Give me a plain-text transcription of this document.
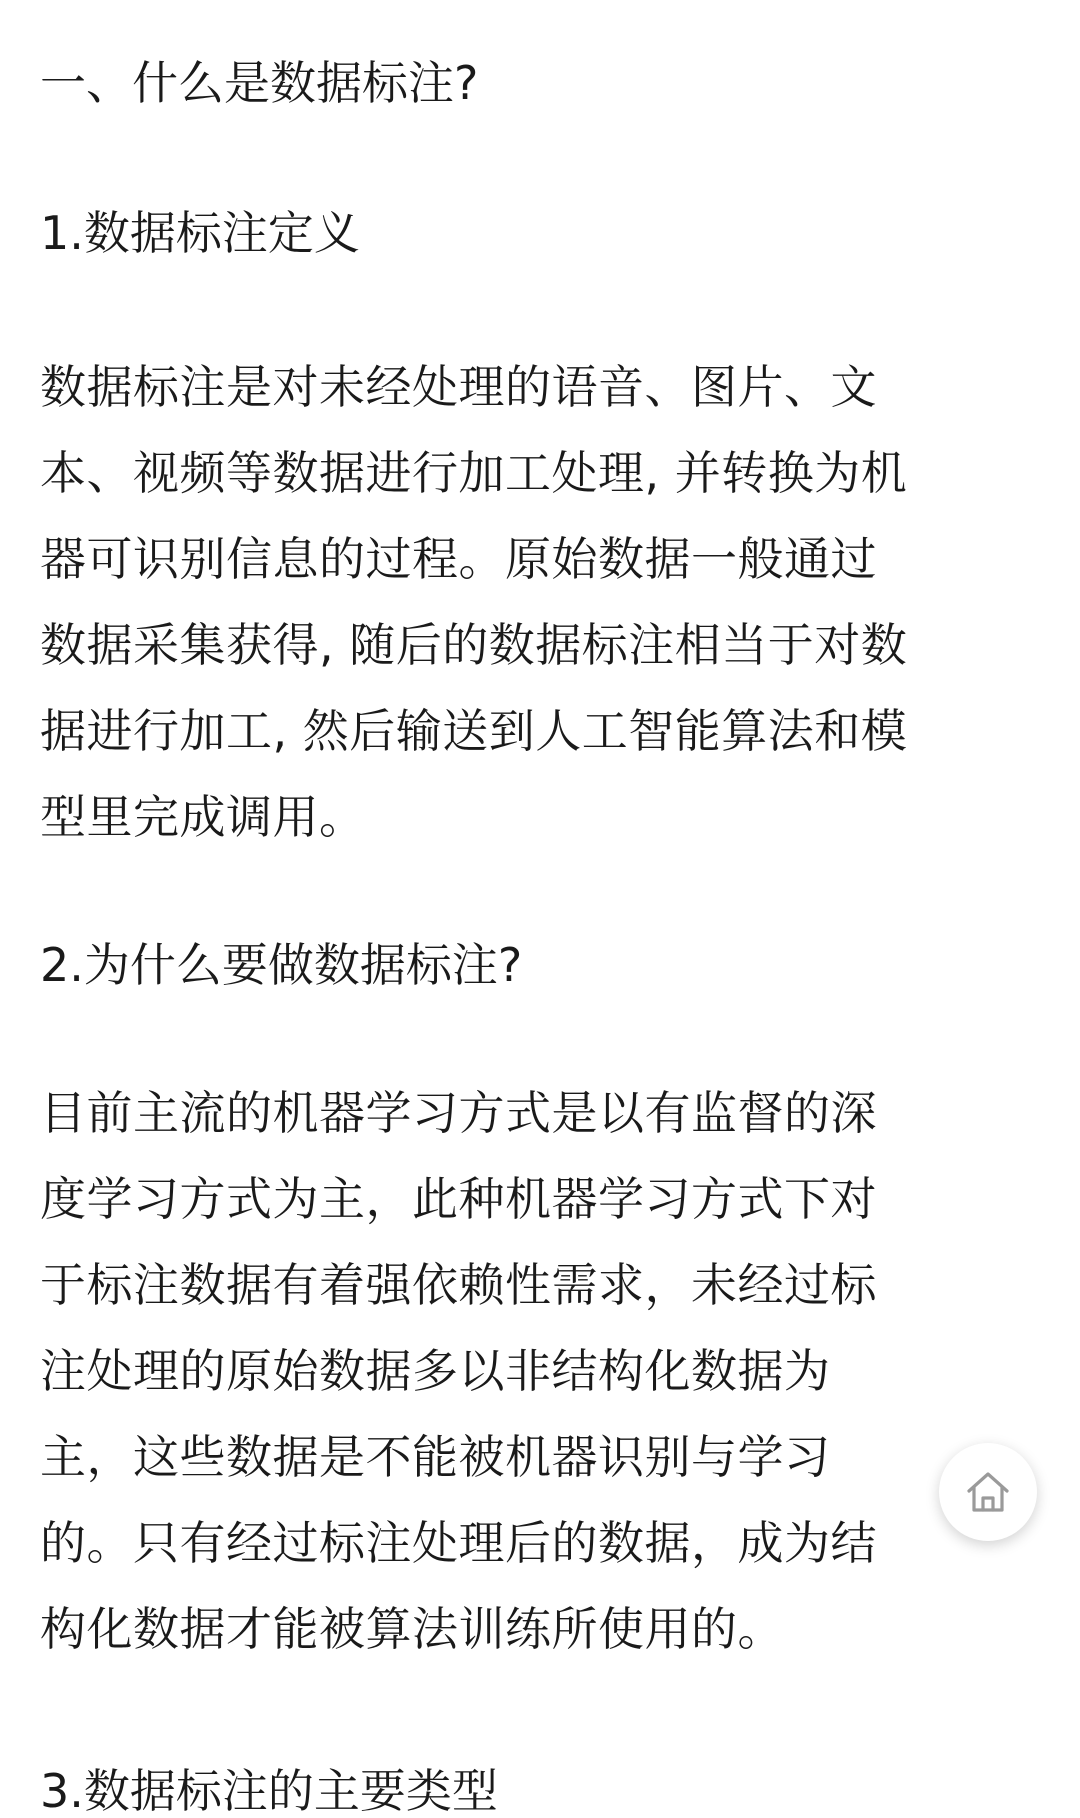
一、什么是数据标注?
1.数据标注定义

数据标注是对未经处理的语音、图片、文
本、视频等数据进行加工处理, 并转换为机
器可识别信息的过程。原始数据一般通过
数据采集获得, 随后的数据标注相当于对数
据进行加工, 然后输送到人工智能算法和模
型里完成调用。

2.为什么要做数据标注?

目前主流的机器学习方式是以有监督的深
度学习方式为主，此种机器学习方式下对
于标注数据有着强依赖性需求，未经过标
注处理的原始数据多以非结构化数据为
主，这些数据是不能被机器识别与学习
的。只有经过标注处理后的数据，成为结
构化数据才能被算法训练所使用的。

3.数据标注的主要类型
